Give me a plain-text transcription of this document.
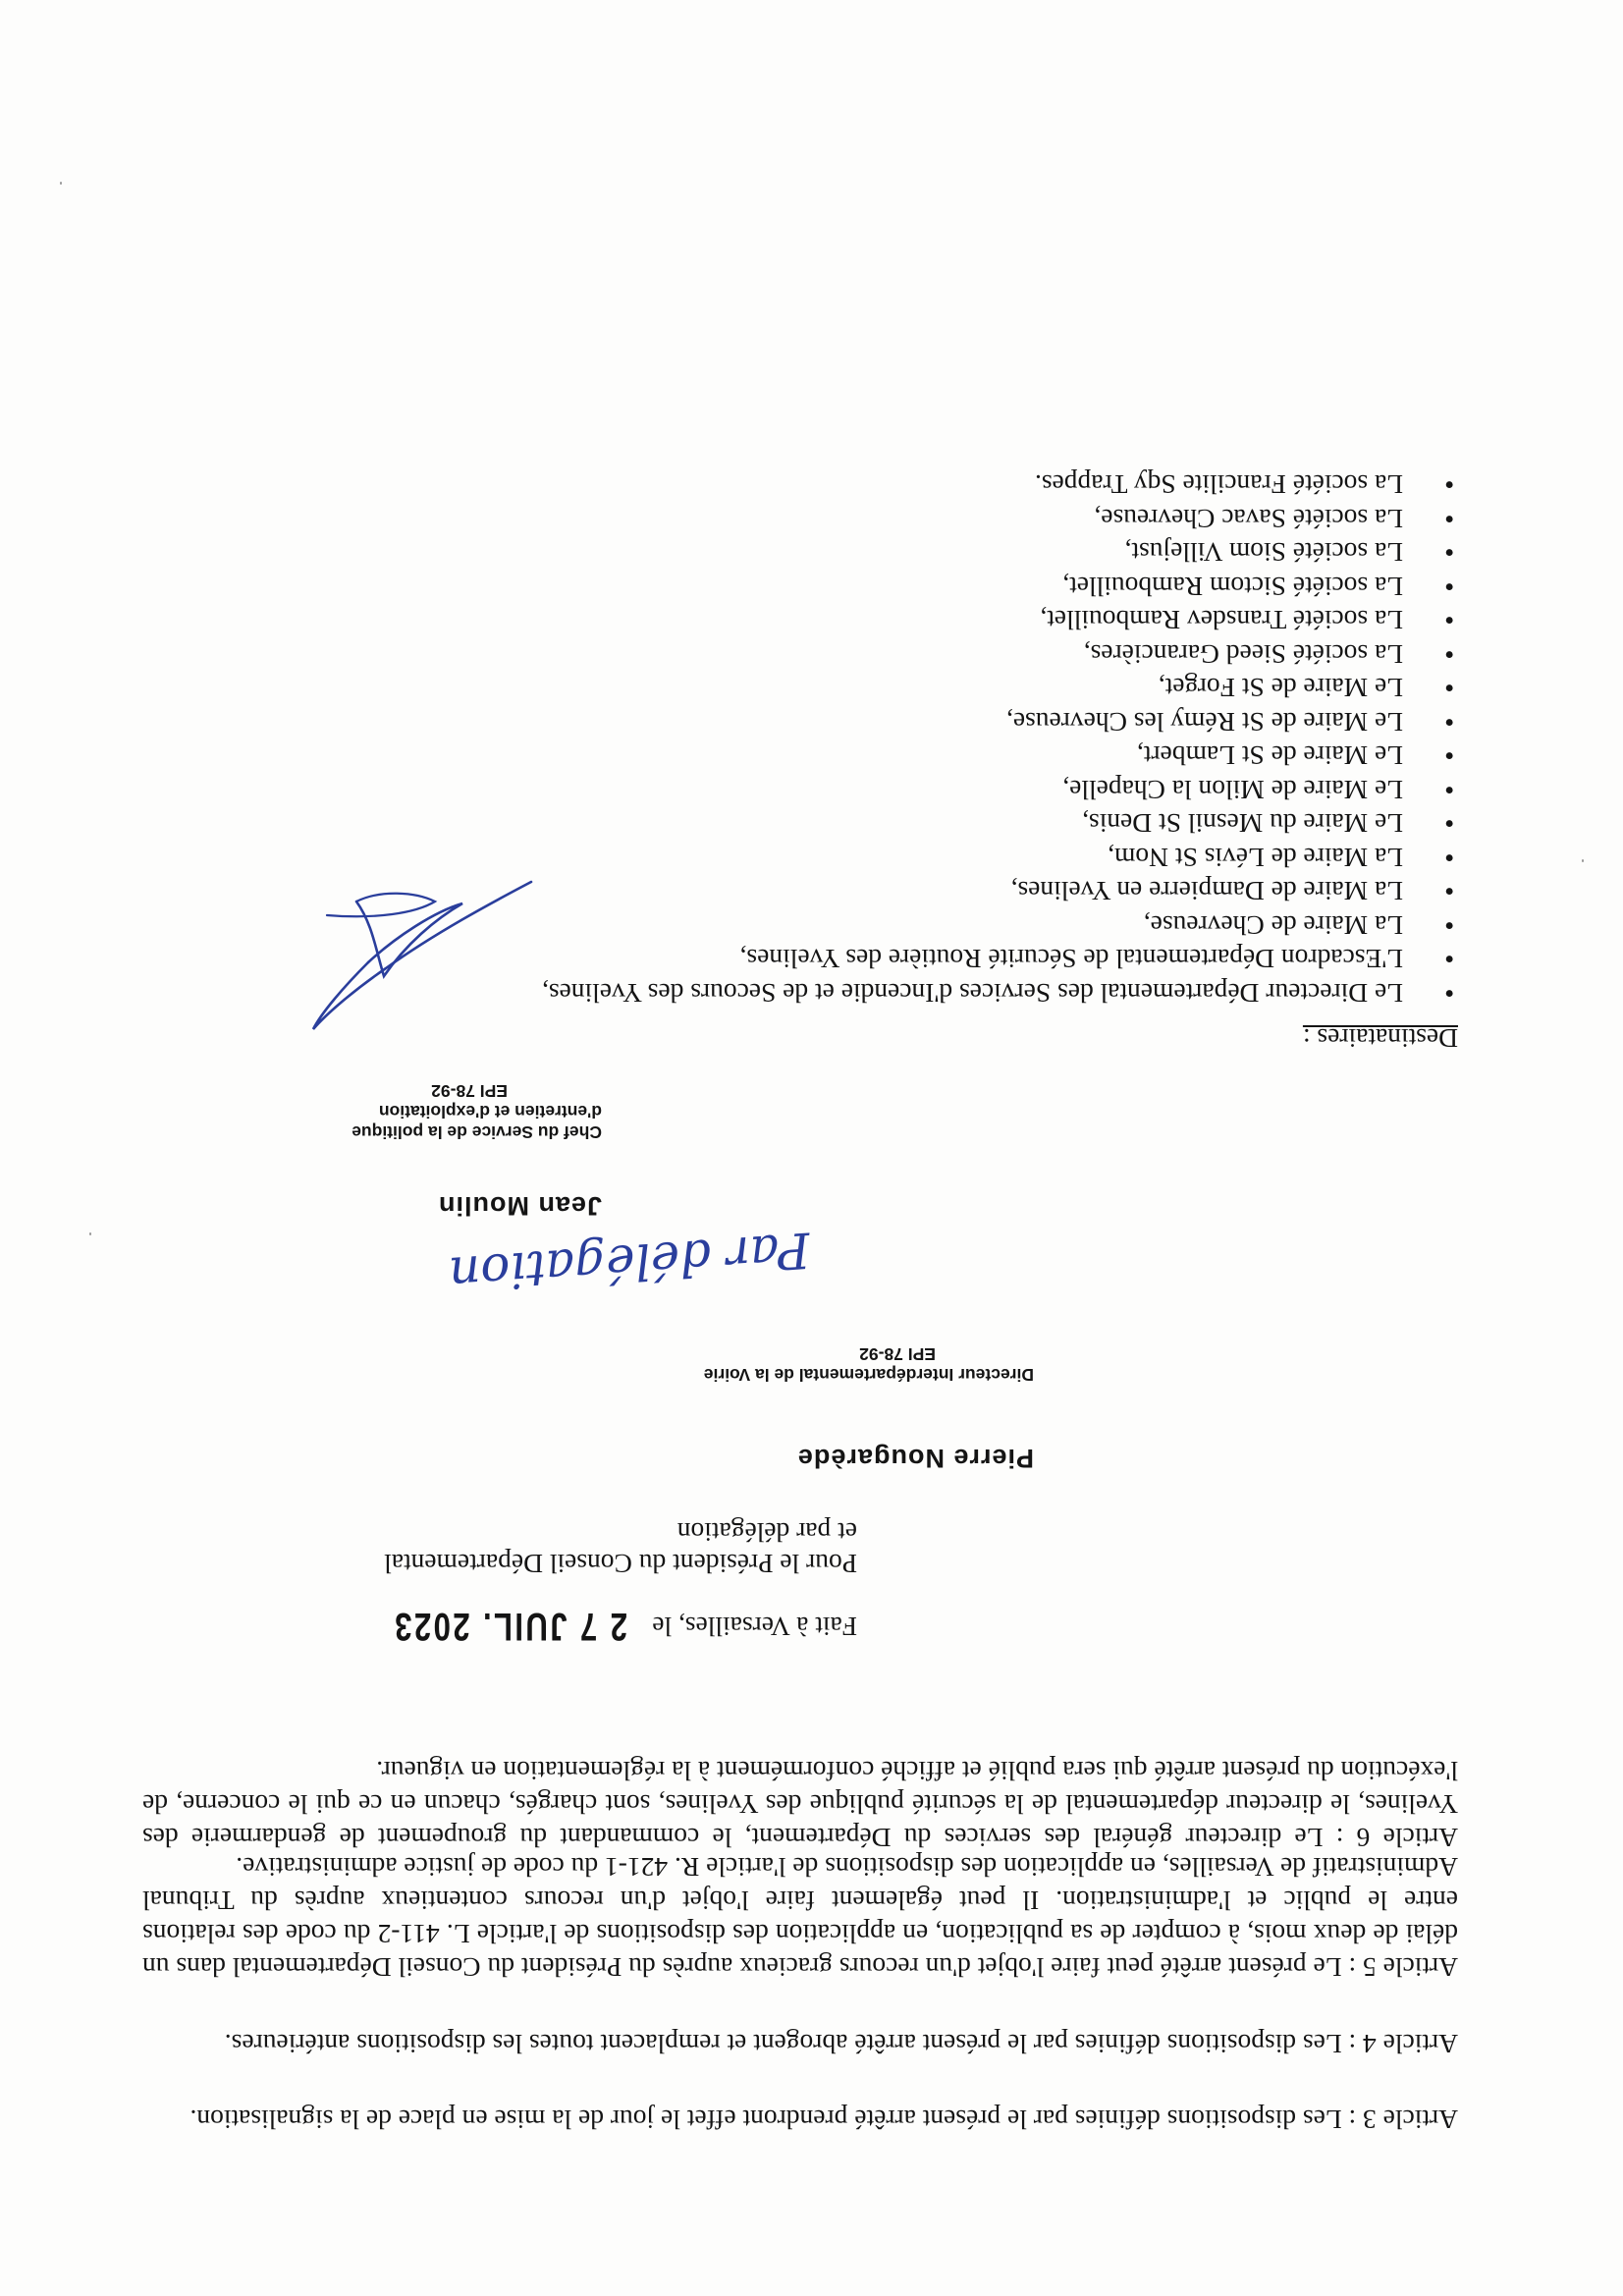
Article 3 : Les dispositions définies par le présent arrêté prendront effet le jour de la mise en place de la signalisation.

Article 4 : Les dispositions définies par le présent arrêté abrogent et remplacent toutes les dispositions antérieures.

Article 5 : Le présent arrêté peut faire l'objet d'un recours gracieux auprès du Président du Conseil Départemental dans un délai de deux mois, à compter de sa publication, en application des dispositions de l'article L. 411-2 du code des relations entre le public et l'administration. Il peut également faire l'objet d'un recours contentieux auprès du Tribunal Administratif de Versailles, en application des dispositions de l'article R. 421-1 du code de justice administrative.

Article 6 : Le directeur général des services du Département, le commandant du groupement de gendarmerie des Yvelines, le directeur départemental de la sécurité publique des Yvelines, sont chargés, chacun en ce qui le concerne, de l'exécution du présent arrêté qui sera publié et affiché conformément à la réglementation en vigueur.

Fait à Versailles, le 2 7 JUIL. 2023
Pour le Président du Conseil Départemental
et par délégation
Pierre Nougarède
Directeur Interdépartemental de la Voirie
EPI 78-92
Par délégation
Jean Moulin
Chef du Service de la politique
d'entretien et d'exploitation
EPI 78-92
Destinataires :
● Le Directeur Départemental des Services d'Incendie et de Secours des Yvelines,
● L'Escadron Départemental de Sécurité Routière des Yvelines,
● La Maire de Chevreuse,
● La Maire de Dampierre en Yvelines,
● La Maire de Lévis St Nom,
● Le Maire du Mesnil St Denis,
● Le Maire de Milon la Chapelle,
● Le Maire de St Lambert,
● Le Maire de St Rémy les Chevreuse,
● Le Maire de St Forget,
● La société Sieed Garancières,
● La société Transdev Rambouillet,
● La société Sictom Rambouillet,
● La société Siom Villejust,
● La société Savac Chevreuse,
● La société Francilite Sqy Trappes.
